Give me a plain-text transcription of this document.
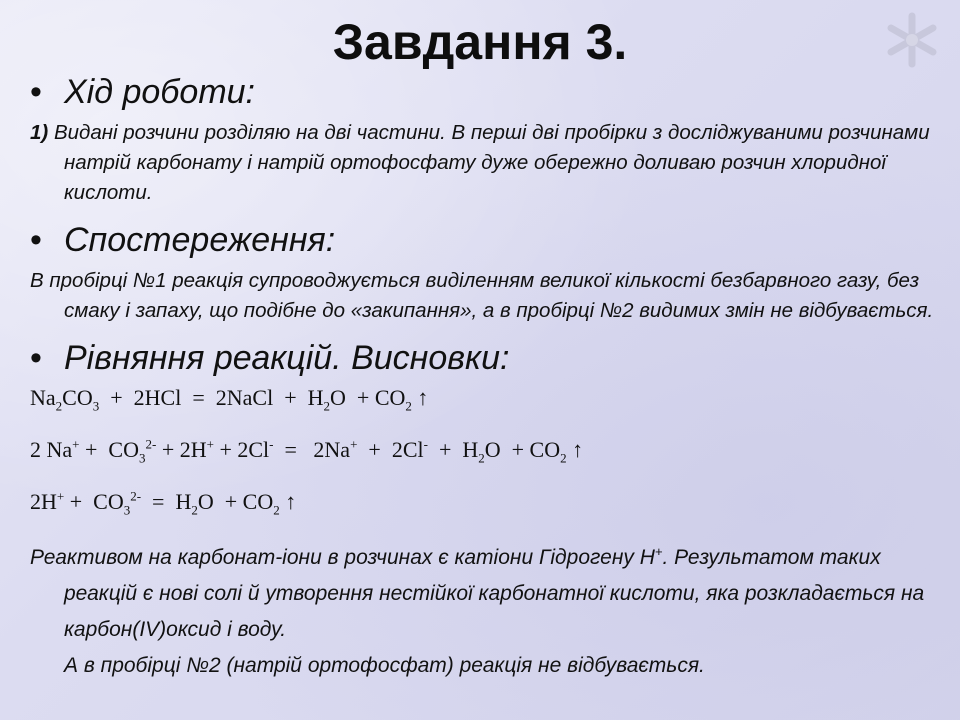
Завдання 3.
• Хід роботи:

1) Видані розчини розділяю на дві частини. В перші дві пробірки з досліджуваними розчинами натрій карбонату і натрій ортофосфату дуже обережно доливаю розчин хлоридної кислоти.

• Спостереження:

В пробірці №1 реакція супроводжується виділенням великої кількості безбарвного газу, без смаку і запаху, що подібне до «закипання», а в пробірці №2 видимих змін не відбувається.

• Рівняння реакцій. Висновки:
$Na_2CO_3 + 2HCl$  =  2NaCl  +  $H_2O + CO_2$ ↑
2 $Na^+ + CO_3^{2-} + 2H^+ + 2Cl^- = 2Na^+ + 2Cl^- + H_2O + CO_2$ ↑
$2H^+ + CO_3^{2-} = H_2O + CO_2$ ↑

Реактивом на карбонат-іони в розчинах є катіони Гідрогену Н+. Результатом таких реакцій є нові солі й утворення нестійкої карбонатної кислоти, яка розкладається на карбон(IV)оксид і воду.
А в пробірці №2 (натрій ортофосфат) реакція не відбувається.
